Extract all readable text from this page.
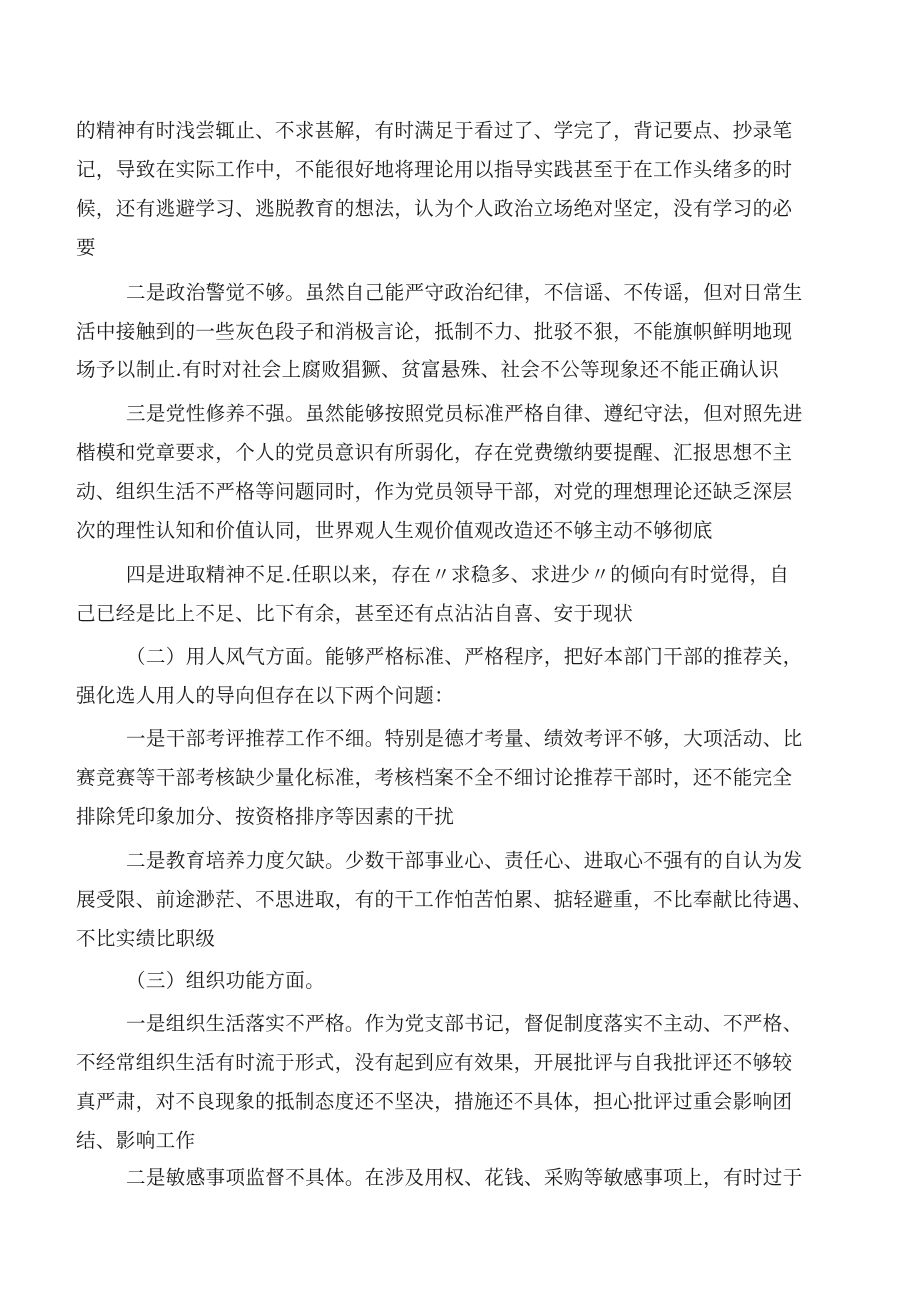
的精神有时浅尝辄止、不求甚解，有时满足于看过了、学完了，背记要点、抄录笔
记，导致在实际工作中，不能很好地将理论用以指导实践甚至于在工作头绪多的时
候，还有逃避学习、逃脱教育的想法，认为个人政治立场绝对坚定，没有学习的必
要
二是政治警觉不够。虽然自己能严守政治纪律，不信谣、不传谣，但对日常生
活中接触到的一些灰色段子和消极言论，抵制不力、批驳不狠，不能旗帜鲜明地现
场予以制止.有时对社会上腐败猖獗、贫富悬殊、社会不公等现象还不能正确认识
三是党性修养不强。虽然能够按照党员标准严格自律、遵纪守法，但对照先进
楷模和党章要求，个人的党员意识有所弱化，存在党费缴纳要提醒、汇报思想不主
动、组织生活不严格等问题同时，作为党员领导干部，对党的理想理论还缺乏深层
次的理性认知和价值认同，世界观人生观价值观改造还不够主动不够彻底
四是进取精神不足.任职以来，存在〃求稳多、求进少〃的倾向有时觉得，自
己已经是比上不足、比下有余，甚至还有点沾沾自喜、安于现状
（二）用人风气方面。能够严格标准、严格程序，把好本部门干部的推荐关，
强化选人用人的导向但存在以下两个问题：
一是干部考评推荐工作不细。特别是德才考量、绩效考评不够，大项活动、比
赛竞赛等干部考核缺少量化标准，考核档案不全不细讨论推荐干部时，还不能完全
排除凭印象加分、按资格排序等因素的干扰
二是教育培养力度欠缺。少数干部事业心、责任心、进取心不强有的自认为发
展受限、前途渺茫、不思进取，有的干工作怕苦怕累、掂轻避重，不比奉献比待遇、
不比实绩比职级
（三）组织功能方面。
一是组织生活落实不严格。作为党支部书记，督促制度落实不主动、不严格、
不经常组织生活有时流于形式，没有起到应有效果，开展批评与自我批评还不够较
真严肃，对不良现象的抵制态度还不坚决，措施还不具体，担心批评过重会影响团
结、影响工作
二是敏感事项监督不具体。在涉及用权、花钱、采购等敏感事项上，有时过于
